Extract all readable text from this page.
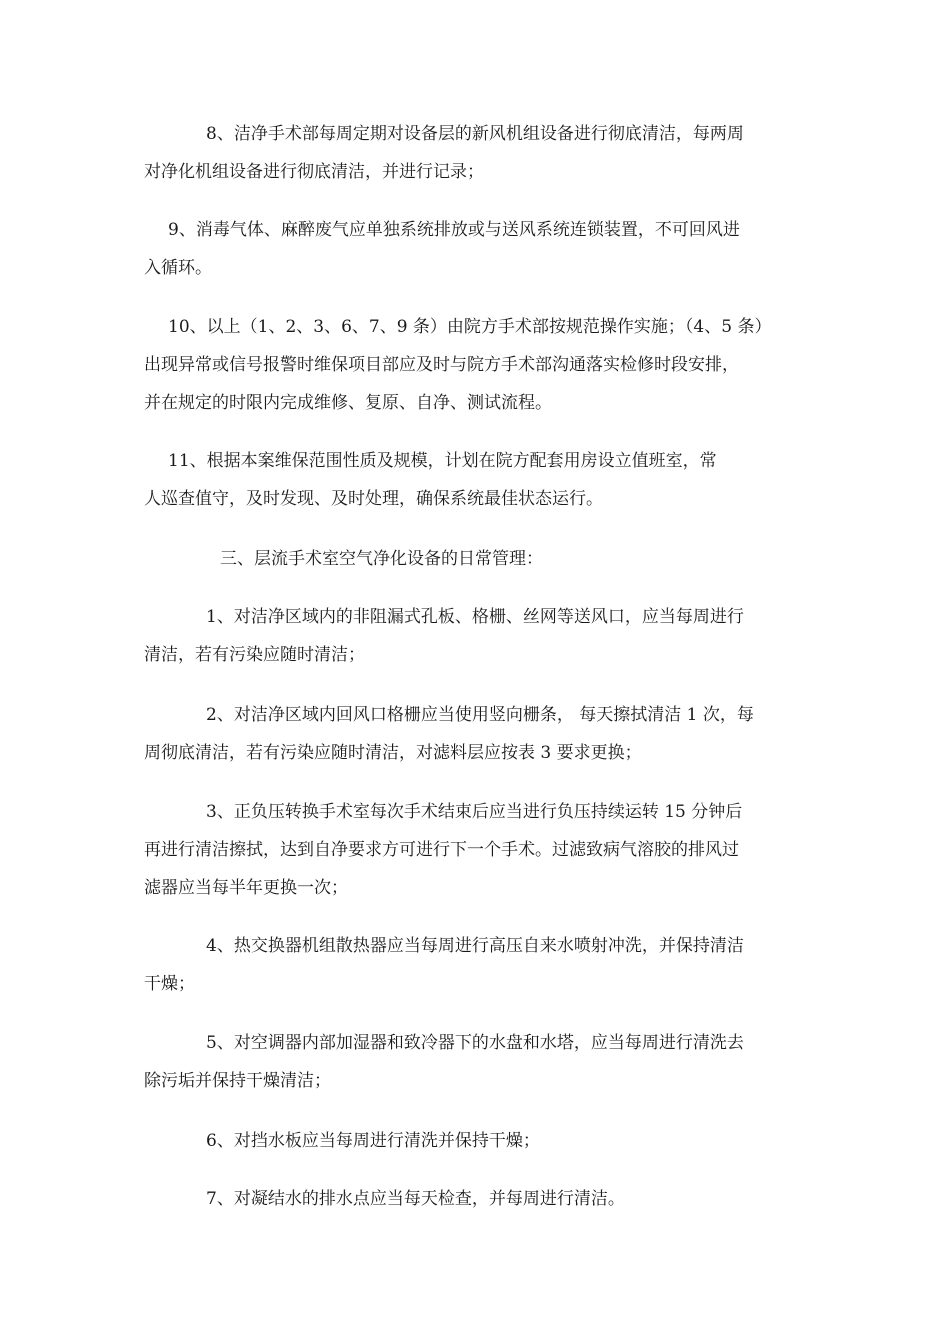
8、洁净手术部每周定期对设备层的新风机组设备进行彻底清洁，每两周
对净化机组设备进行彻底清洁，并进行记录；

9、消毒气体、麻醉废气应单独系统排放或与送风系统连锁装置，不可回风进
入循环。

10、以上（1、2、3、6、7、9 条）由院方手术部按规范操作实施；（4、5 条）
出现异常或信号报警时维保项目部应及时与院方手术部沟通落实检修时段安排，
并在规定的时限内完成维修、复原、自净、测试流程。

11、根据本案维保范围性质及规模，计划在院方配套用房设立值班室，常
人巡查值守，及时发现、及时处理，确保系统最佳状态运行。

三、层流手术室空气净化设备的日常管理：

1、对洁净区域内的非阻漏式孔板、格栅、丝网等送风口，应当每周进行
清洁，若有污染应随时清洁；

2、对洁净区域内回风口格栅应当使用竖向栅条， 每天擦拭清洁 1 次，每
周彻底清洁，若有污染应随时清洁，对滤料层应按表 3 要求更换；

3、正负压转换手术室每次手术结束后应当进行负压持续运转 15 分钟后
再进行清洁擦拭，达到自净要求方可进行下一个手术。过滤致病气溶胶的排风过
滤器应当每半年更换一次；

4、热交换器机组散热器应当每周进行高压自来水喷射冲洗，并保持清洁
干燥；

5、对空调器内部加湿器和致冷器下的水盘和水塔，应当每周进行清洗去
除污垢并保持干燥清洁；

6、对挡水板应当每周进行清洗并保持干燥；

7、对凝结水的排水点应当每天检查，并每周进行清洁。
